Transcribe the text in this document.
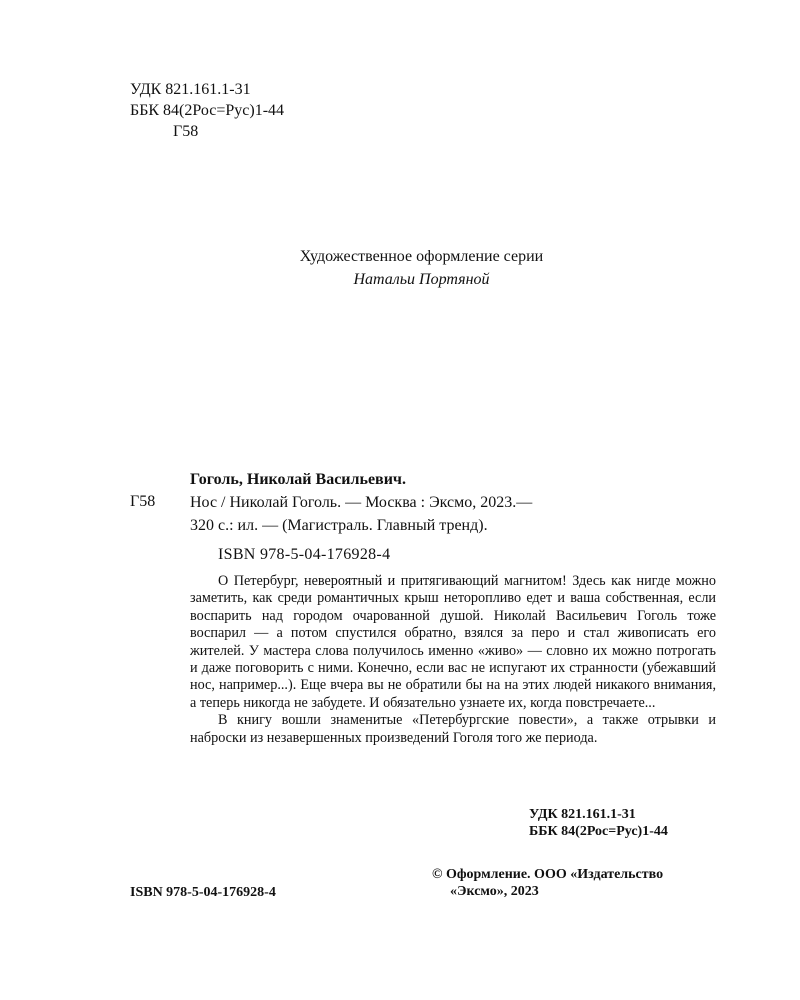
УДК 821.161.1-31
ББК 84(2Рос=Рус)1-44
Г58
Художественное оформление серии
Натальи Портяной
Гоголь, Николай Васильевич.
Г58 Нос / Николай Гоголь. — Москва : Эксмо, 2023.—
320 с.: ил. — (Магистраль. Главный тренд).
ISBN 978-5-04-176928-4

О Петербург, невероятный и притягивающий магнитом! Здесь как нигде можно заметить, как среди романтичных крыш неторопливо едет и ваша собственная, если воспарить над городом очарованной душой. Николай Васильевич Гоголь тоже воспарил — а потом спустился обратно, взялся за перо и стал живописать его жителей. У мастера слова получилось именно «живо» — словно их можно потрогать и даже поговорить с ними. Конечно, если вас не испугают их странности (убежавший нос, например...). Еще вчера вы не обратили бы на на этих людей никакого внимания, а теперь никогда не забудете. И обязательно узнаете их, когда повстречаете...

В книгу вошли знаменитые «Петербургские повести», а также отрывки и наброски из незавершенных произведений Гоголя того же периода.

УДК 821.161.1-31
ББК 84(2Рос=Рус)1-44
ISBN 978-5-04-176928-4
© Оформление. ООО «Издательство
«Эксмо», 2023
